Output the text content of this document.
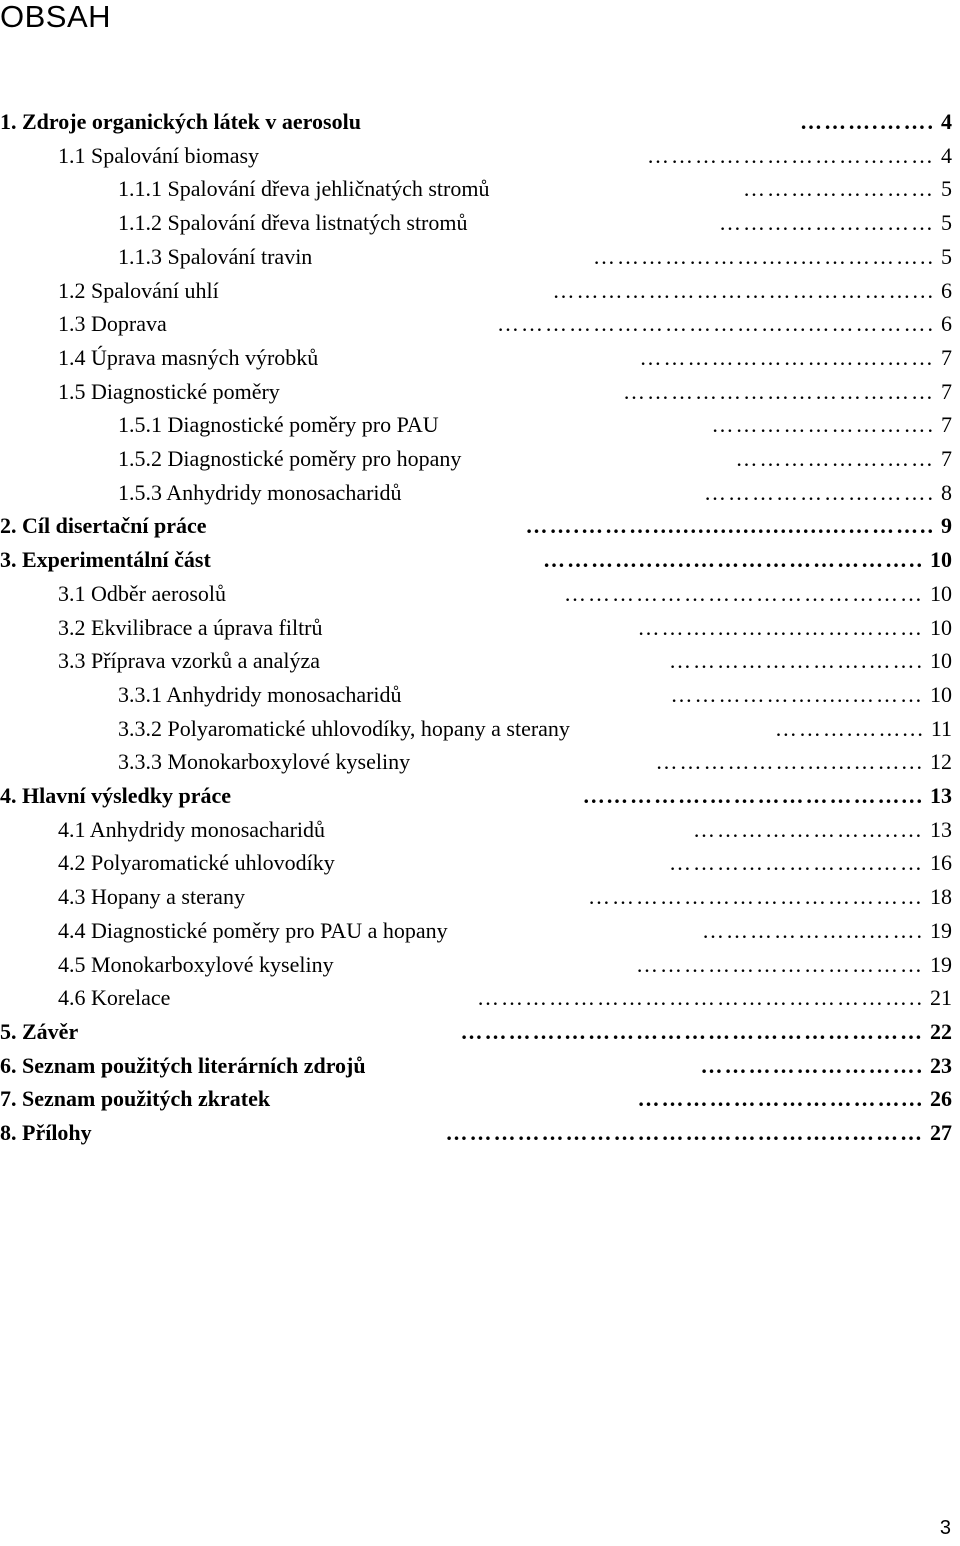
OBSAH
1. Zdroje organických látek v aerosolu	……….……. 4
1.1 Spalování biomasy	……………………………… 4
1.1.1 Spalování dřeva jehličnatých stromů	…………………… 5
1.1.2 Spalování dřeva listnatých stromů	……………………… 5
1.1.3 Spalování travin	……………………..…………….. 5
1.2 Spalování uhlí	………………………………………... 6
1.3 Doprava	………………………………...……………. 6
1.4 Úprava masných výrobků	………………………….…… 7
1.5 Diagnostické poměry	………………………………… 7
1.5.1 Diagnostické poměry pro PAU	………………………. 7
1.5.2 Diagnostické poměry pro hopany	……………….…… 7
1.5.3 Anhydridy monosacharidů	………………….……. 8
2. Cíl disertační práce	…….………..........................……….. 9
3. Experimentální část	…………..…..……………………….. 10
3.1 Odběr aerosolů	……………………………………… 10
3.2 Ekvilibrace a úprava filtrů	……….………..…………… 10
3.3 Příprava vzorků a analýza	…………………….……. 10
3.3.1 Anhydridy monosacharidů	……………….....……… 10
3.3.2 Polyaromatické uhlovodíky, hopany a sterany	……….……... 11
3.3.3 Monokarboxylové kyseliny	……………….…...……... 12
4. Hlavní výsledky práce	...………….……………………... 13
4.1 Anhydridy monosacharidů	……………………..… 13
4.2 Polyaromatické uhlovodíky	……………………..…… 16
4.3 Hopany a sterany	…………………………………… 18
4.4 Diagnostické poměry pro PAU a hopany	………………...……. 19
4.5 Monokarboxylové kyseliny	……………………………… 19
4.6 Korelace	……………………………………………….. 21
5. Závěr	………….……………………………………… 22
6. Seznam použitých literárních zdrojů	………………………. 23
7. Seznam použitých zkratek	……………………………... 26
8. Přílohy	…………………………………………...……… 27
3
